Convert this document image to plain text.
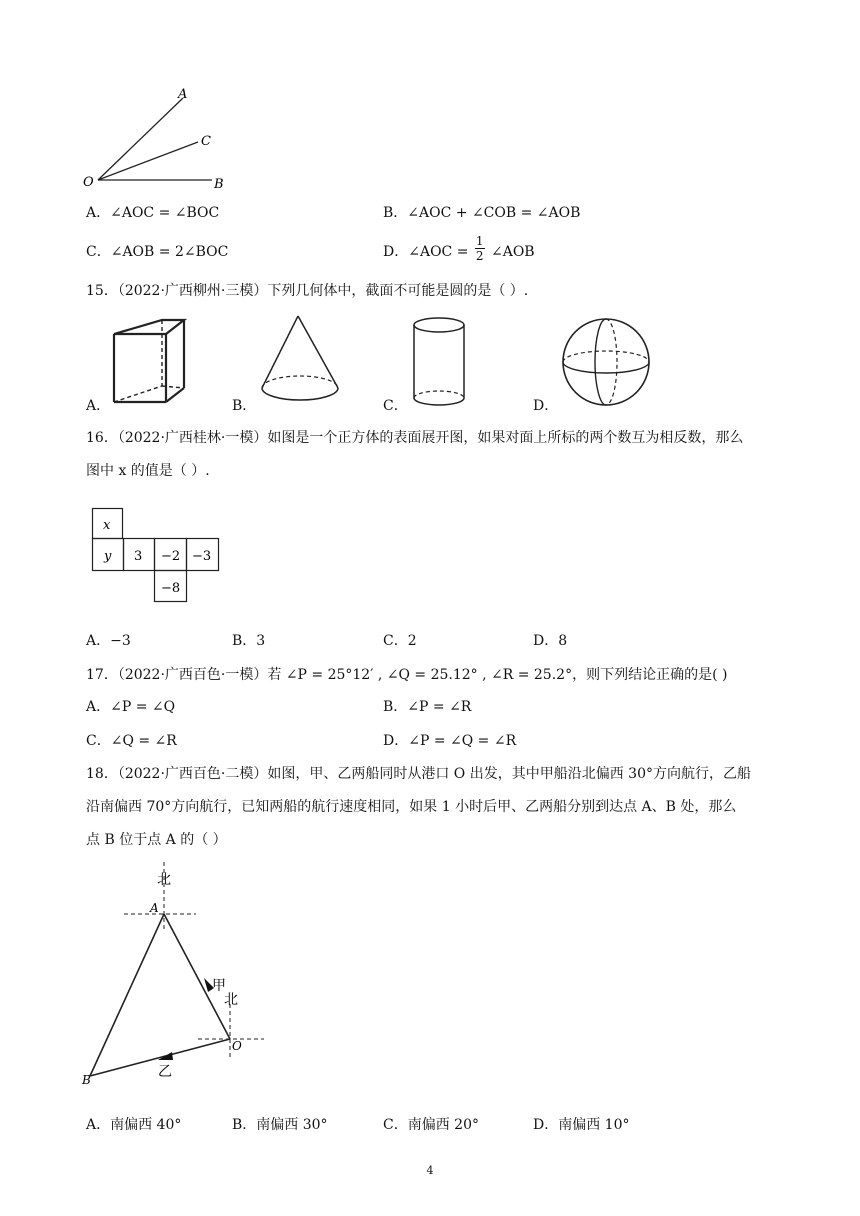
A
C
O	B
A．∠AOC = ∠BOC	B．∠AOC + ∠COB = ∠AOB
C．∠AOB = 2∠BOC	D．∠AOC = $\frac{1}{2}$ ∠AOB
15．（2022·广西柳州·三模）下列几何体中，截面不可能是圆的是（ ）.
A．	B．	C．	D．
16．（2022·广西桂林·一模）如图是一个正方体的表面展开图，如果对面上所标的两个数互为相反数，那么
图中 x 的值是（ ）.
x
y 3 −2 −3
−8
A．−3	B．3	C．2	D．8
17．（2022·广西百色·一模）若 ∠P = 25°12′ , ∠Q = 25.12° , ∠R = 25.2°，则下列结论正确的是( )
A．∠P = ∠Q	B．∠P = ∠R
C．∠Q = ∠R	D．∠P = ∠Q = ∠R
18．（2022·广西百色·二模）如图，甲、乙两船同时从港口 O 出发，其中甲船沿北偏西 30°方向航行，乙船
沿南偏西 70°方向航行，已知两船的航行速度相同，如果 1 小时后甲、乙两船分别到达点 A、B 处，那么
点 B 位于点 A 的（ ）
北
A
甲
北
O
乙
B
A．南偏西 40°	B．南偏西 30°	C．南偏西 20°	D．南偏西 10°
4
